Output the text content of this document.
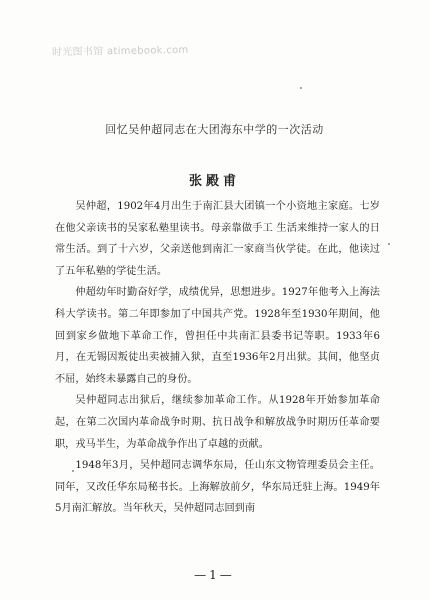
时光图书馆 atimebook.com
回忆吴仲超同志在大团海东中学的一次活动
张殿甫

吴仲超，1902年4月出生于南汇县大团镇一个小资地主家庭。七岁在他父亲读书的吴家私塾里读书。母亲靠做手工 生活来维持一家人的日常生活。到了十六岁，父亲送他到南汇一家商当伙学徒。在此，他读过了五年私塾的学徒生活。

仲超幼年时勤奋好学，成绩优异，思想进步。1927年他考入上海法科大学读书。第二年即参加了中国共产党。1928年至1930年期间，他回到家乡做地下革命工作，曾担任中共南汇县委书记等职。1933年6月，在无锡因叛徒出卖被捕入狱，直至1936年2月出狱。其间，他坚贞不屈，始终未暴露自己的身份。

吴仲超同志出狱后，继续参加革命工作。从1928年开始参加革命起，在第二次国内革命战争时期、抗日战争和解放战争时期历任革命要职，戎马半生，为革命战争作出了卓越的贡献。

1948年3月，吴仲超同志调华东局，任山东文物管理委员会主任。同年，又改任华东局秘书长。上海解放前夕，华东局迁驻上海。1949年5月南汇解放。当年秋天，吴仲超同志回到南

—1—
